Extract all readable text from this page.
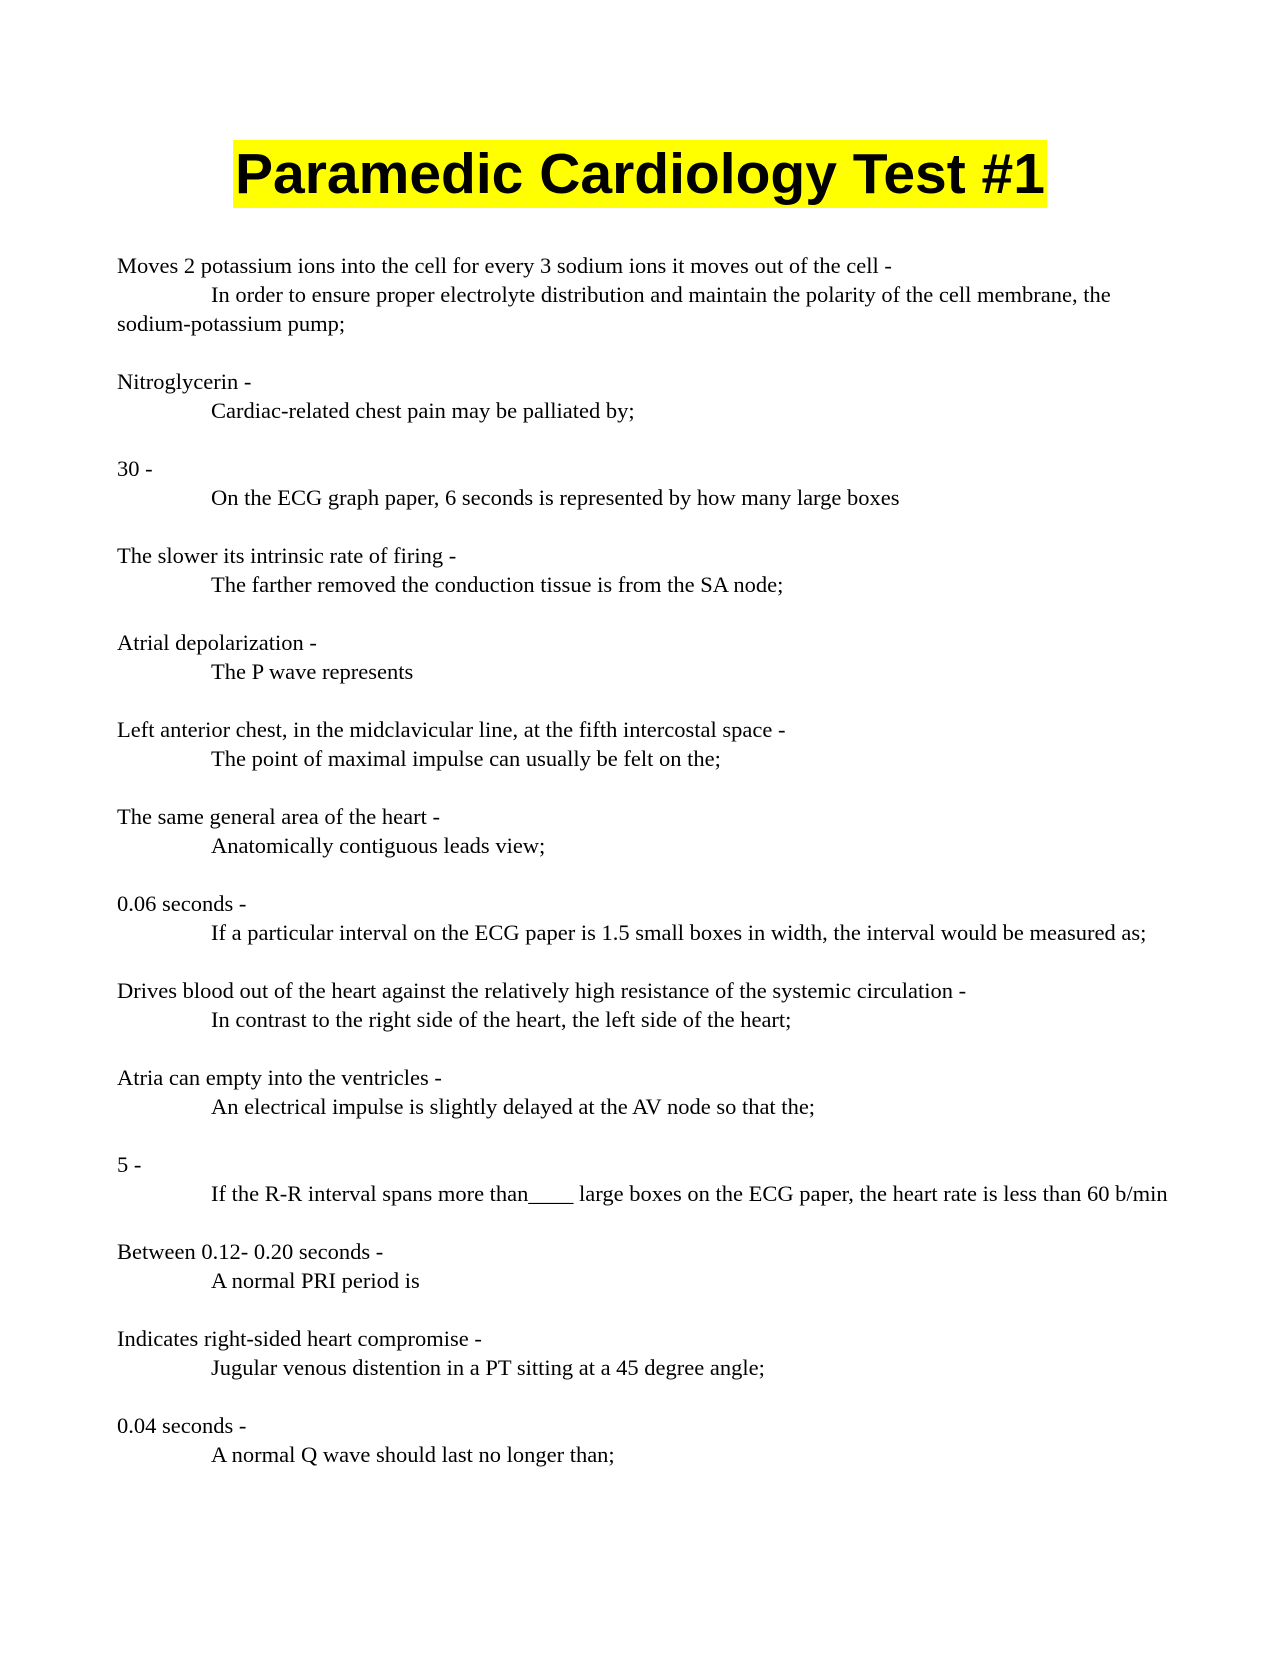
Paramedic Cardiology Test #1
Moves 2 potassium ions into the cell for every 3 sodium ions it moves out of the cell -
In order to ensure proper electrolyte distribution and maintain the polarity of the cell membrane, the sodium-potassium pump;
Nitroglycerin -
Cardiac-related chest pain may be palliated by;
30 -
On the ECG graph paper, 6 seconds is represented by how many large boxes
The slower its intrinsic rate of firing -
The farther removed the conduction tissue is from the SA node;
Atrial depolarization -
The P wave represents
Left anterior chest, in the midclavicular line, at the fifth intercostal space -
The point of maximal impulse can usually be felt on the;
The same general area of the heart -
Anatomically contiguous leads view;
0.06 seconds -
If a particular interval on the ECG paper is 1.5 small boxes in width, the interval would be measured as;
Drives blood out of the heart against the relatively high resistance of the systemic circulation -
In contrast to the right side of the heart, the left side of the heart;
Atria can empty into the ventricles -
An electrical impulse is slightly delayed at the AV node so that the;
5 -
If the R-R interval spans more than____ large boxes on the ECG paper, the heart rate is less than 60 b/min
Between 0.12- 0.20 seconds -
A normal PRI period is
Indicates right-sided heart compromise -
Jugular venous distention in a PT sitting at a 45 degree angle;
0.04 seconds -
A normal Q wave should last no longer than;
